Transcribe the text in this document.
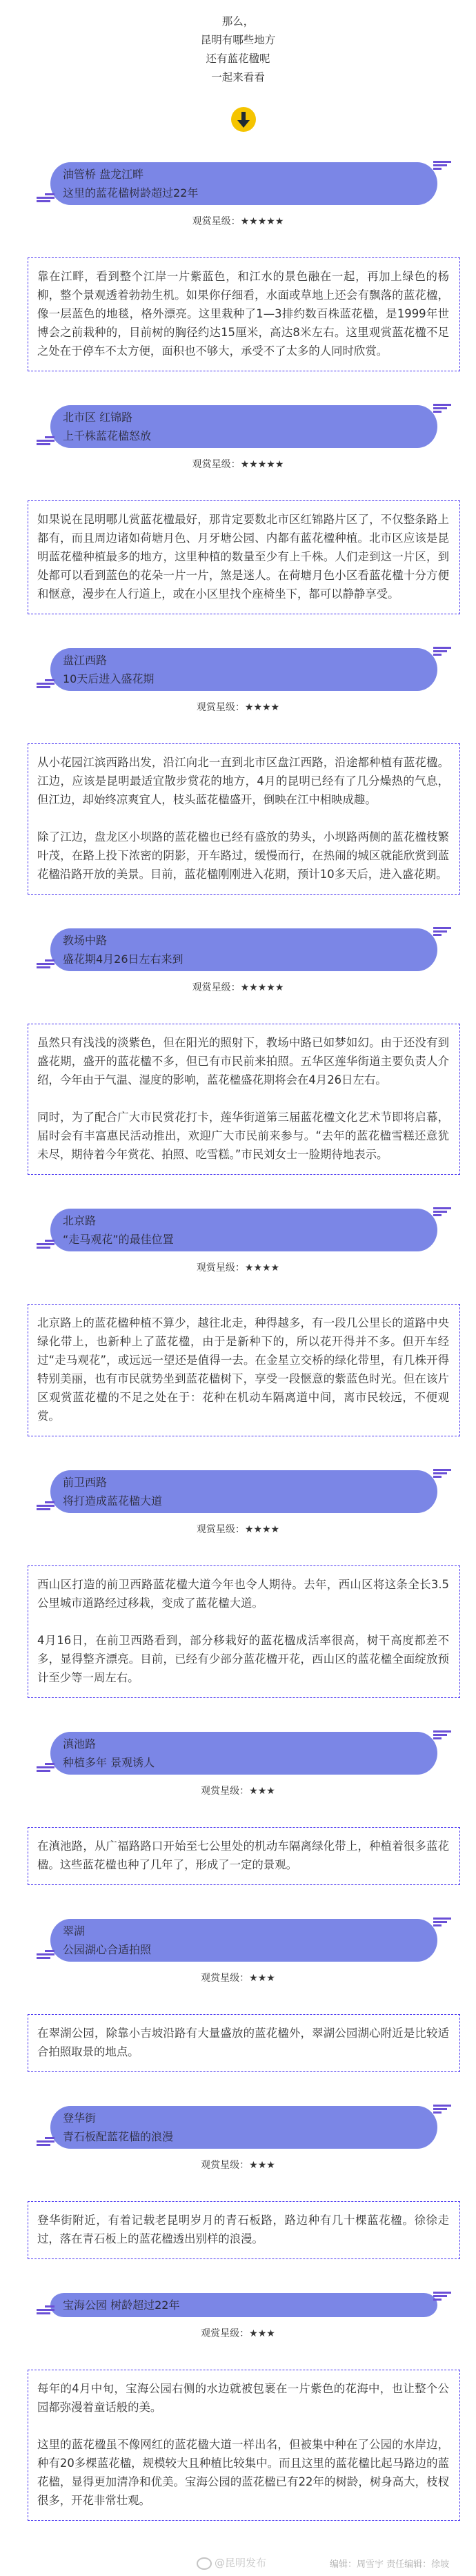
那么，
昆明有哪些地方
还有蓝花楹呢
一起来看看
油管桥 盘龙江畔
这里的蓝花楹树龄超过22年
观赏星级：★★★★★

靠在江畔，看到整个江岸一片紫蓝色，和江水的景色融在一起，再加上绿色的杨柳，整个景观透着勃勃生机。如果你仔细看，水面或草地上还会有飘落的蓝花楹，像一层蓝色的地毯，格外漂亮。这里栽种了1—3排约数百株蓝花楹，是1999年世博会之前栽种的，目前树的胸径约达15厘米，高达8米左右。这里观赏蓝花楹不足之处在于停车不太方便，面积也不够大，承受不了太多的人同时欣赏。

北市区 红锦路
上千株蓝花楹怒放
观赏星级：★★★★★

如果说在昆明哪儿赏蓝花楹最好，那肯定要数北市区红锦路片区了，不仅整条路上都有，而且周边诸如荷塘月色、月牙塘公园、内都有蓝花楹种植。北市区应该是昆明蓝花楹种植最多的地方，这里种植的数量至少有上千株。人们走到这一片区，到处都可以看到蓝色的花朵一片一片，煞是迷人。在荷塘月色小区看蓝花楹十分方便和惬意，漫步在人行道上，或在小区里找个座椅坐下，都可以静静享受。

盘江西路
10天后进入盛花期
观赏星级：★★★★

从小花园江滨西路出发，沿江向北一直到北市区盘江西路，沿途都种植有蓝花楹。江边，应该是昆明最适宜散步赏花的地方，4月的昆明已经有了几分燥热的气息，但江边，却始终凉爽宜人，枝头蓝花楹盛开，倒映在江中相映成趣。

除了江边，盘龙区小坝路的蓝花楹也已经有盛放的势头，小坝路两侧的蓝花楹枝繁叶茂，在路上投下浓密的阴影，开车路过，缓慢而行，在热闹的城区就能欣赏到蓝花楹沿路开放的美景。目前，蓝花楹刚刚进入花期，预计10多天后，进入盛花期。

教场中路
盛花期4月26日左右来到
观赏星级：★★★★★

虽然只有浅浅的淡紫色，但在阳光的照射下，教场中路已如梦如幻。由于还没有到盛花期，盛开的蓝花楹不多，但已有市民前来拍照。五华区莲华街道主要负责人介绍，今年由于气温、湿度的影响，蓝花楹盛花期将会在4月26日左右。

同时，为了配合广大市民赏花打卡，莲华街道第三届蓝花楹文化艺术节即将启幕，届时会有丰富惠民活动推出，欢迎广大市民前来参与。“去年的蓝花楹雪糕还意犹未尽，期待着今年赏花、拍照、吃雪糕。”市民刘女士一脸期待地表示。

北京路
“走马观花”的最佳位置
观赏星级：★★★★

北京路上的蓝花楹种植不算少，越往北走，种得越多，有一段几公里长的道路中央绿化带上，也新种上了蓝花楹，由于是新种下的，所以花开得并不多。但开车经过“走马观花”，或远远一望还是值得一去。在金星立交桥的绿化带里，有几株开得特别美丽，也有市民就势坐到蓝花楹树下，享受一段惬意的紫蓝色时光。但在该片区观赏蓝花楹的不足之处在于：花种在机动车隔离道中间，离市民较远，不便观赏。

前卫西路
将打造成蓝花楹大道
观赏星级：★★★★

西山区打造的前卫西路蓝花楹大道今年也令人期待。去年，西山区将这条全长3.5公里城市道路经过移栽，变成了蓝花楹大道。

4月16日，在前卫西路看到，部分移栽好的蓝花楹成活率很高，树干高度都差不多，显得整齐漂亮。目前，已经有少部分蓝花楹开花，西山区的蓝花楹全面绽放预计至少等一周左右。

滇池路
种植多年 景观诱人
观赏星级：★★★

在滇池路，从广福路路口开始至七公里处的机动车隔离绿化带上，种植着很多蓝花楹。这些蓝花楹也种了几年了，形成了一定的景观。

翠湖
公园湖心合适拍照
观赏星级：★★★

在翠湖公园，除靠小吉坡沿路有大量盛放的蓝花楹外，翠湖公园湖心附近是比较适合拍照取景的地点。

登华街
青石板配蓝花楹的浪漫
观赏星级：★★★

登华街附近，有着记载老昆明岁月的青石板路，路边种有几十棵蓝花楹。徐徐走过，落在青石板上的蓝花楹透出别样的浪漫。

宝海公园 树龄超过22年
观赏星级：★★★

每年的4月中旬，宝海公园右侧的水边就被包裹在一片紫色的花海中，也让整个公园都弥漫着童话般的美。

这里的蓝花楹虽不像网红的蓝花楹大道一样出名，但被集中种在了公园的水岸边，种有20多棵蓝花楹，规模较大且种植比较集中。而且这里的蓝花楹比起马路边的蓝花楹，显得更加清净和优美。宝海公园的蓝花楹已有22年的树龄，树身高大，枝杈很多，开花非常壮观。

@昆明发布	编辑：周雪宇 责任编辑：徐坡
